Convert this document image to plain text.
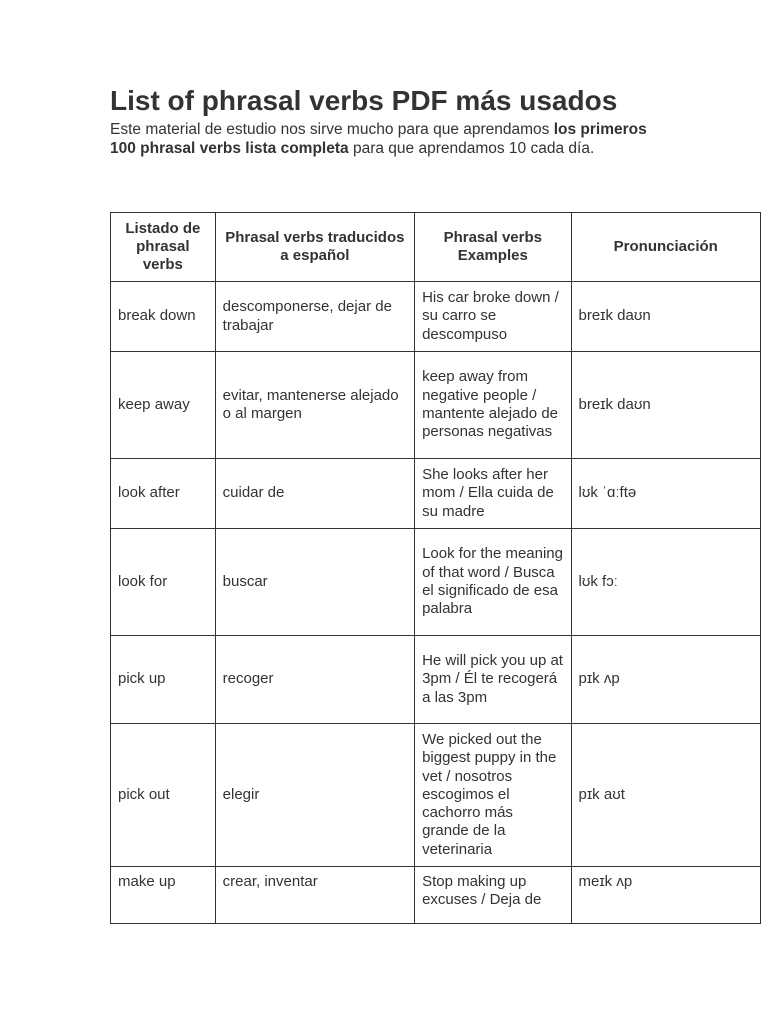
List of phrasal verbs PDF más usados

Este material de estudio nos sirve mucho para que aprendamos los primeros 100 phrasal verbs lista completa para que aprendamos 10 cada día.

Listado de phrasal verbs	Phrasal verbs traducidos a español	Phrasal verbs Examples	Pronunciación
break down	descomponerse, dejar de trabajar	His car broke down / su carro se descompuso	breɪk daʊn
keep away	evitar, mantenerse alejado o al margen	keep away from negative people / mantente alejado de personas negativas	breɪk daʊn
look after	cuidar de	She looks after her mom / Ella cuida de su madre	lʊk ˈɑːftə
look for	buscar	Look for the meaning of that word / Busca el significado de esa palabra	lʊk fɔː
pick up	recoger	He will pick you up at 3pm / Él te recogerá a las 3pm	pɪk ʌp
pick out	elegir	We picked out the biggest puppy in the vet / nosotros escogimos el cachorro más grande de la veterinaria	pɪk aʊt
make up	crear, inventar	Stop making up excuses / Deja de	meɪk ʌp
